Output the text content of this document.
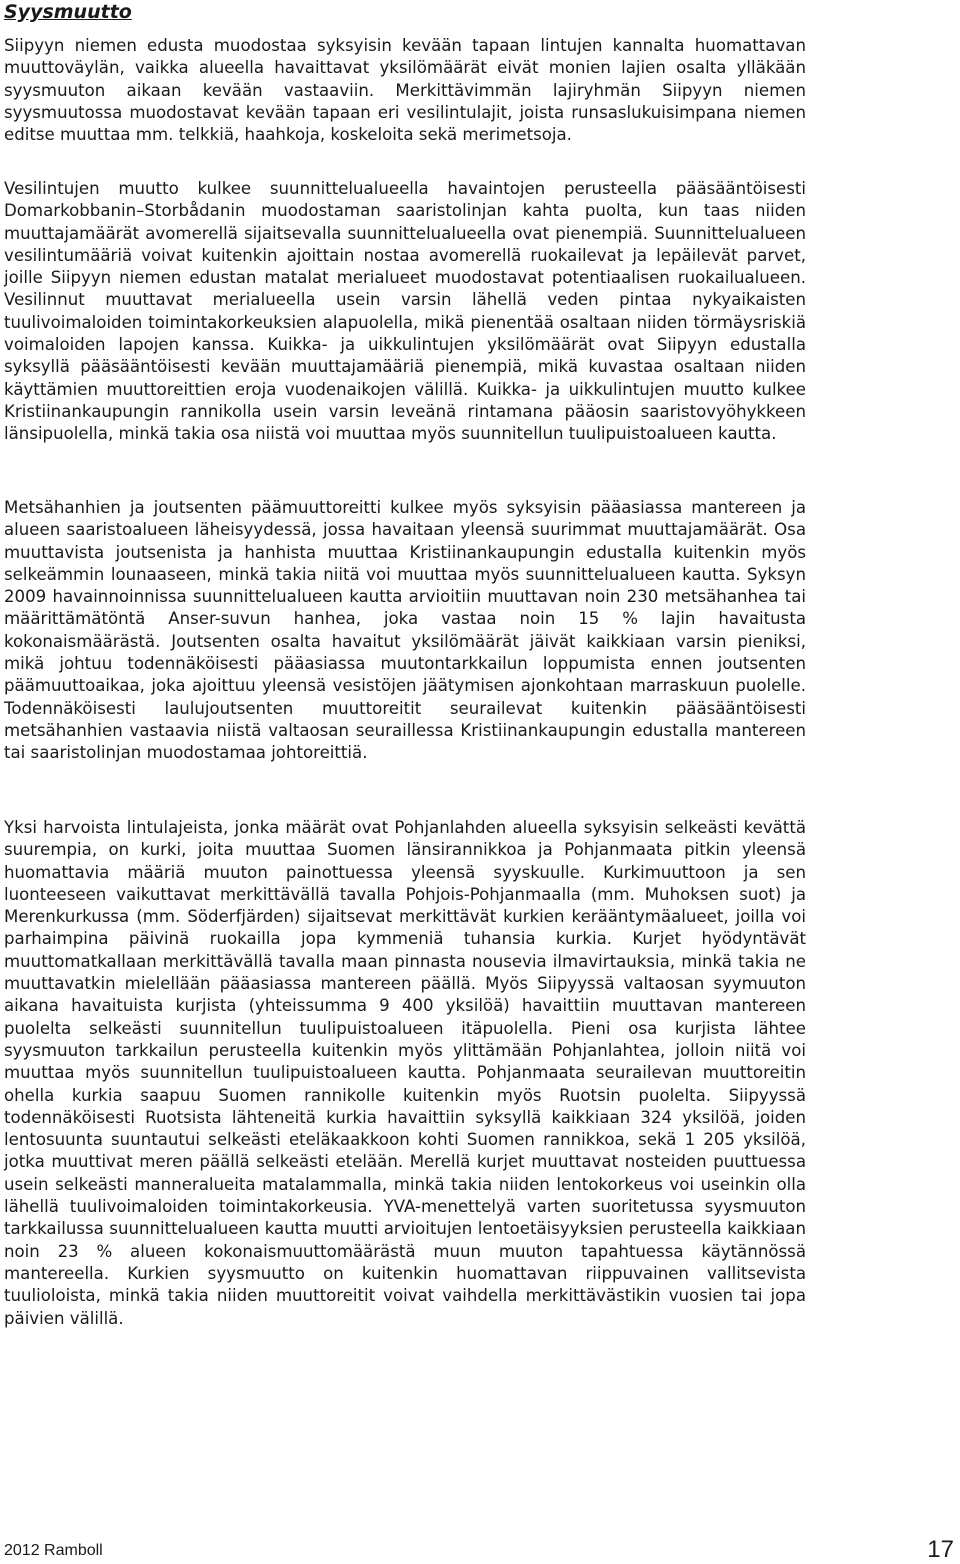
Syysmuutto

Siipyyn niemen edusta muodostaa syksyisin kevään tapaan lintujen kannalta huomattavan muuttoväylän, vaikka alueella havaittavat yksilömäärät eivät monien lajien osalta ylläkään syysmuuton aikaan kevään vastaaviin. Merkittävimmän lajiryhmän Siipyyn niemen syysmuutossa muodostavat kevään tapaan eri vesilintulajit, joista runsaslukuisimpana niemen editse muuttaa mm. telkkiä, haahkoja, koskeloita sekä merimetsoja.

Vesilintujen muutto kulkee suunnittelualueella havaintojen perusteella pääsääntöisesti Domarkobbanin–Storbådanin muodostaman saaristolinjan kahta puolta, kun taas niiden muuttajamäärät avomerellä sijaitsevalla suunnittelualueella ovat pienempiä. Suunnittelualueen vesilintumääriä voivat kuitenkin ajoittain nostaa avomerellä ruokailevat ja lepäilevät parvet, joille Siipyyn niemen edustan matalat merialueet muodostavat potentiaalisen ruokailualueen. Vesilinnut muuttavat merialueella usein varsin lähellä veden pintaa nykyaikaisten tuulivoimaloiden toimintakorkeuksien alapuolella, mikä pienentää osaltaan niiden törmäysriskiä voimaloiden lapojen kanssa. Kuikka- ja uikkulintujen yksilömäärät ovat Siipyyn edustalla syksyllä pääsääntöisesti kevään muuttajamääriä pienempiä, mikä kuvastaa osaltaan niiden käyttämien muuttoreittien eroja vuodenaikojen välillä. Kuikka- ja uikkulintujen muutto kulkee Kristiinankaupungin rannikolla usein varsin leveänä rintamana pääosin saaristovyöhykkeen länsipuolella, minkä takia osa niistä voi muuttaa myös suunnitellun tuulipuistoalueen kautta.

Metsähanhien ja joutsenten päämuuttoreitti kulkee myös syksyisin pääasiassa mantereen ja alueen saaristoalueen läheisyydessä, jossa havaitaan yleensä suurimmat muuttajamäärät. Osa muuttavista joutsenista ja hanhista muuttaa Kristiinankaupungin edustalla kuitenkin myös selkeämmin lounaaseen, minkä takia niitä voi muuttaa myös suunnittelualueen kautta. Syksyn 2009 havainnoinnissa suunnittelualueen kautta arvioitiin muuttavan noin 230 metsähanhea tai määrittämätöntä Anser-suvun hanhea, joka vastaa noin 15 % lajin havaitusta kokonaismäärästä. Joutsenten osalta havaitut yksilömäärät jäivät kaikkiaan varsin pieniksi, mikä johtuu todennäköisesti pääasiassa muutontarkkailun loppumista ennen joutsenten päämuuttoaikaa, joka ajoittuu yleensä vesistöjen jäätymisen ajonkohtaan marraskuun puolelle. Todennäköisesti laulujoutsenten muuttoreitit seurailevat kuitenkin pääsääntöisesti metsähanhien vastaavia niistä valtaosan seuraillessa Kristiinankaupungin edustalla mantereen tai saaristolinjan muodostamaa johtoreittiä.

Yksi harvoista lintulajeista, jonka määrät ovat Pohjanlahden alueella syksyisin selkeästi kevättä suurempia, on kurki, joita muuttaa Suomen länsirannikkoa ja Pohjanmaata pitkin yleensä huomattavia määriä muuton painottuessa yleensä syyskuulle. Kurkimuuttoon ja sen luonteeseen vaikuttavat merkittävällä tavalla Pohjois-Pohjanmaalla (mm. Muhoksen suot) ja Merenkurkussa (mm. Söderfjärden) sijaitsevat merkittävät kurkien kerääntymäalueet, joilla voi parhaimpina päivinä ruokailla jopa kymmeniä tuhansia kurkia. Kurjet hyödyntävät muuttomatkallaan merkittävällä tavalla maan pinnasta nousevia ilmavirtauksia, minkä takia ne muuttavatkin mielellään pääasiassa mantereen päällä. Myös Siipyyssä valtaosan syymuuton aikana havaituista kurjista (yhteissumma 9 400 yksilöä) havaittiin muuttavan mantereen puolelta selkeästi suunnitellun tuulipuistoalueen itäpuolella. Pieni osa kurjista lähtee syysmuuton tarkkailun perusteella kuitenkin myös ylittämään Pohjanlahtea, jolloin niitä voi muuttaa myös suunnitellun tuulipuistoalueen kautta. Pohjanmaata seurailevan muuttoreitin ohella kurkia saapuu Suomen rannikolle kuitenkin myös Ruotsin puolelta. Siipyyssä todennäköisesti Ruotsista lähteneitä kurkia havaittiin syksyllä kaikkiaan 324 yksilöä, joiden lentosuunta suuntautui selkeästi eteläkaakkoon kohti Suomen rannikkoa, sekä 1 205 yksilöä, jotka muuttivat meren päällä selkeästi etelään. Merellä kurjet muuttavat nosteiden puuttuessa usein selkeästi manneralueita matalammalla, minkä takia niiden lentokorkeus voi useinkin olla lähellä tuulivoimaloiden toimintakorkeusia. YVA-menettelyä varten suoritetussa syysmuuton tarkkailussa suunnittelualueen kautta muutti arvioitujen lentoetäisyyksien perusteella kaikkiaan noin 23 % alueen kokonaismuuttomäärästä muun muuton tapahtuessa käytännössä mantereella. Kurkien syysmuutto on kuitenkin huomattavan riippuvainen vallitsevista tuulioloista, minkä takia niiden muuttoreitit voivat vaihdella merkittävästikin vuosien tai jopa päivien välillä.

2012 Ramboll	17
